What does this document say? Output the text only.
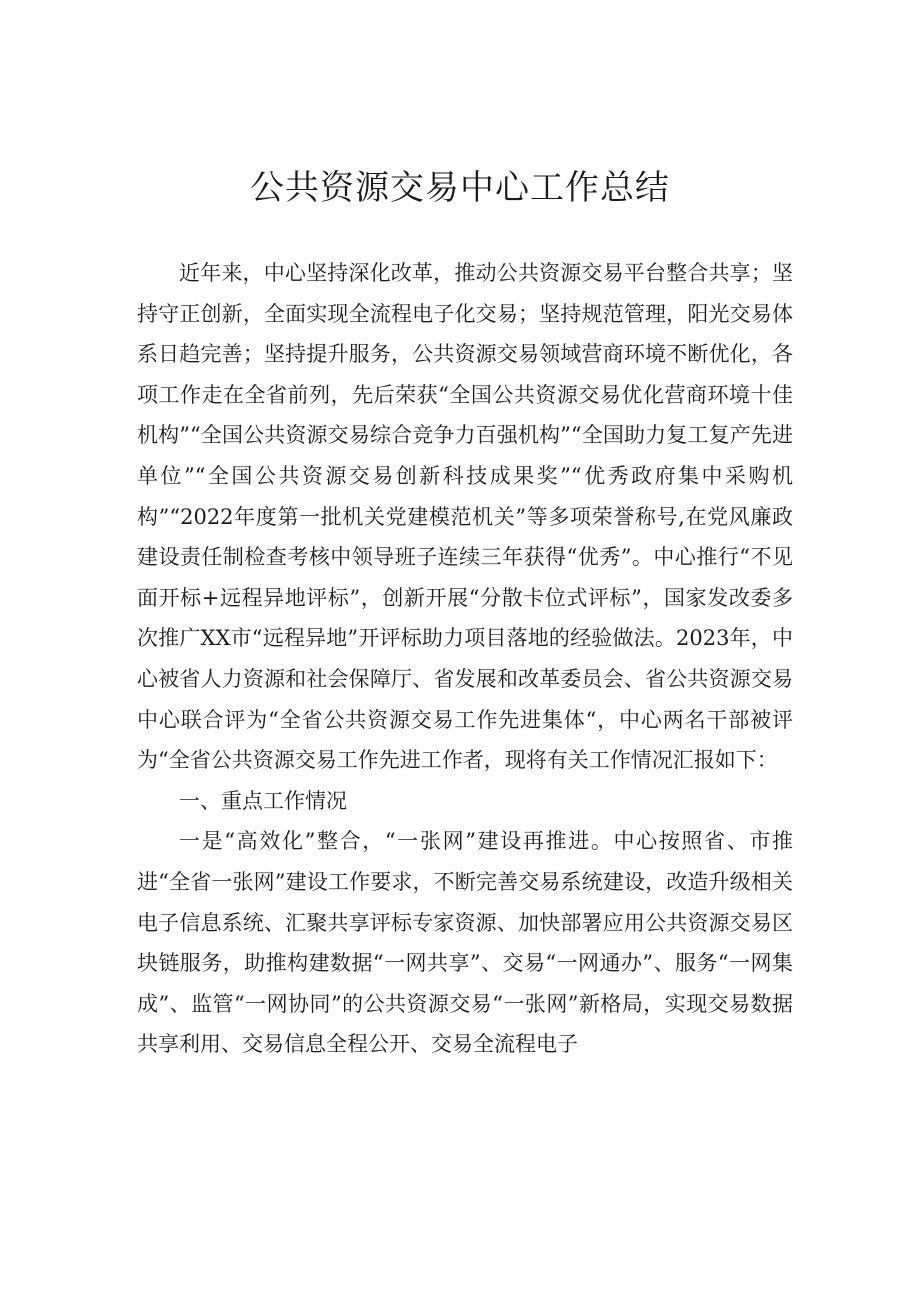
公共资源交易中心工作总结

近年来，中心坚持深化改革，推动公共资源交易平台整合共享；坚持守正创新，全面实现全流程电子化交易；坚持规范管理，阳光交易体系日趋完善；坚持提升服务，公共资源交易领域营商环境不断优化，各项工作走在全省前列，先后荣获“全国公共资源交易优化营商环境十佳机构”“全国公共资源交易综合竞争力百强机构”“全国助力复工复产先进单位”“全国公共资源交易创新科技成果奖”“优秀政府集中采购机构”“2022年度第一批机关党建模范机关”等多项荣誉称号,在党风廉政建设责任制检查考核中领导班子连续三年获得“优秀”。中心推行“不见面开标+远程异地评标”，创新开展“分散卡位式评标”，国家发改委多次推广XX市“远程异地”开评标助力项目落地的经验做法。2023年，中心被省人力资源和社会保障厅、省发展和改革委员会、省公共资源交易中心联合评为“全省公共资源交易工作先进集体“，中心两名干部被评为“全省公共资源交易工作先进工作者，现将有关工作情况汇报如下：

一、重点工作情况

一是“高效化”整合，“一张网”建设再推进。中心按照省、市推进“全省一张网”建设工作要求，不断完善交易系统建设，改造升级相关电子信息系统、汇聚共享评标专家资源、加快部署应用公共资源交易区块链服务，助推构建数据“一网共享”、交易“一网通办”、服务“一网集成”、监管“一网协同”的公共资源交易“一张网”新格局，实现交易数据共享利用、交易信息全程公开、交易全流程电子
